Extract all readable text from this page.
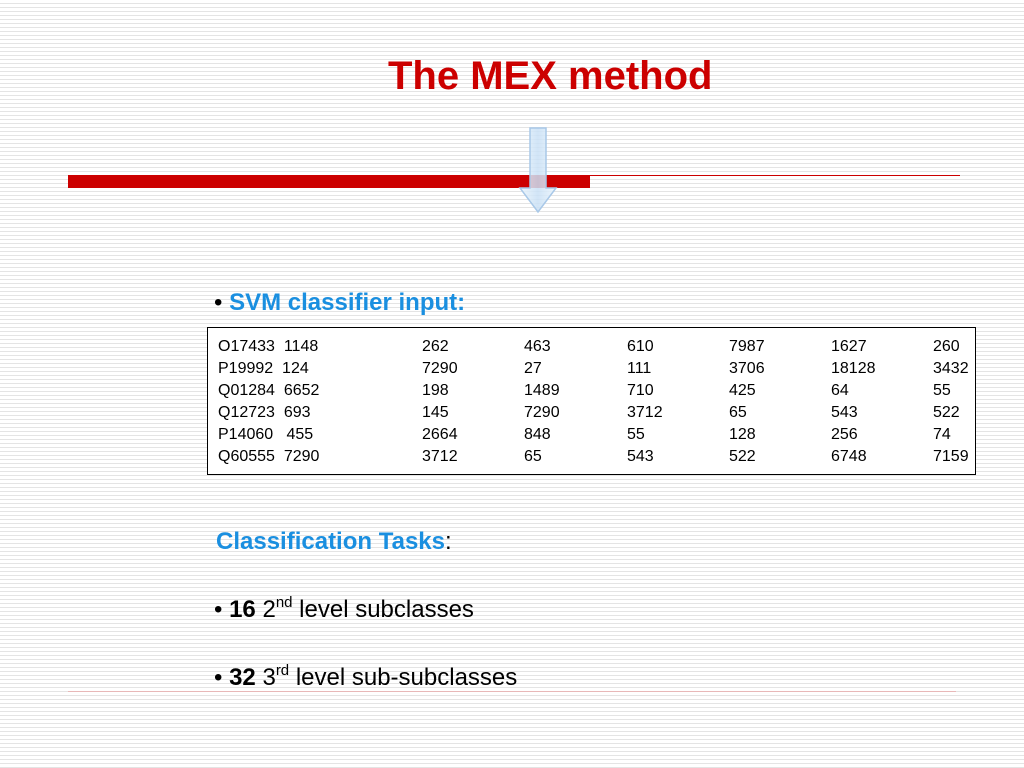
The MEX method
• SVM classifier input:
O17433  1148	262	463	610	7987	1627	260
P19992  124	7290	27	111	3706	18128	3432
Q01284  6652	198	1489	710	425	64	55
Q12723  693	145	7290	3712	65	543	522
P14060   455	2664	848	55	128	256	74
Q60555  7290	3712	65	543	522	6748	7159
Classification Tasks:
• 16 2nd level subclasses
• 32 3rd level sub-subclasses
